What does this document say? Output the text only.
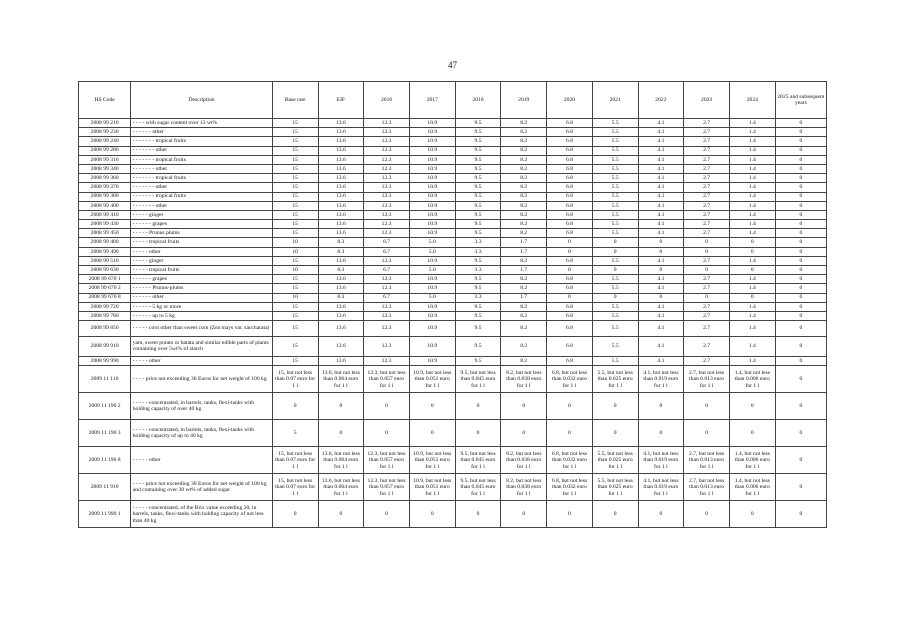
47
HS Code	Description	Base rate	EIF	2016	2017	2018	2019	2020	2021	2022	2023	2024	2025 and subsequent years
2008 99 210	- - - - with sugar content over 13 wt%	15	13.6	12.3	10.9	9.5	8.2	6.8	5.5	4.1	2.7	1.4	0
2008 99 230	- - - - - - other	15	13.6	12.3	10.9	9.5	8.2	6.8	5.5	4.1	2.7	1.4	0
2008 99 240	- - - - - - - tropical fruits	15	13.6	12.3	10.9	9.5	8.2	6.8	5.5	4.1	2.7	1.4	0
2008 99 280	- - - - - - - other	15	13.6	12.3	10.9	9.5	8.2	6.8	5.5	4.1	2.7	1.4	0
2008 99 310	- - - - - - - tropical fruits	15	13.6	12.3	10.9	9.5	8.2	6.8	5.5	4.1	2.7	1.4	0
2008 99 340	- - - - - - - other	15	13.6	12.3	10.9	9.5	8.2	6.8	5.5	4.1	2.7	1.4	0
2008 99 360	- - - - - - - tropical fruits	15	13.6	12.3	10.9	9.5	8.2	6.8	5.5	4.1	2.7	1.4	0
2008 99 370	- - - - - - - other	15	13.6	12.3	10.9	9.5	8.2	6.8	5.5	4.1	2.7	1.4	0
2008 99 380	- - - - - - - tropical fruits	15	13.6	12.3	10.9	9.5	8.2	6.8	5.5	4.1	2.7	1.4	0
2008 99 400	- - - - - - - other	15	13.6	12.3	10.9	9.5	8.2	6.8	5.5	4.1	2.7	1.4	0
2008 99 410	- - - - - ginger	15	13.6	12.3	10.9	9.5	8.2	6.8	5.5	4.1	2.7	1.4	0
2008 99 430	- - - - - - grapes	15	13.6	12.3	10.9	9.5	8.2	6.8	5.5	4.1	2.7	1.4	0
2008 99 450	- - - - - Prunus plums	15	13.6	12.3	10.9	9.5	8.2	6.8	5.5	4.1	2.7	1.4	0
2008 99 480	- - - - - tropical fruits	10	8.3	6.7	5.0	3.3	1.7	0	0	0	0	0	0
2008 99 490	- - - - - other	10	8.3	6.7	5.0	3.3	1.7	0	0	0	0	0	0
2008 99 510	- - - - - ginger	15	13.6	12.3	10.9	9.5	8.2	6.8	5.5	4.1	2.7	1.4	0
2008 99 630	- - - - - tropical fruits	10	8.3	6.7	5.0	3.3	1.7	0	0	0	0	0	0
2008 99 670 1	- - - - - - grapes	15	13.6	12.3	10.9	9.5	8.2	6.8	5.5	4.1	2.7	1.4	0
2008 99 670 2	- - - - - - Prunus-plums	15	13.6	12.3	10.9	9.5	8.2	6.8	5.5	4.1	2.7	1.4	0
2008 99 670 8	- - - - - - other	10	8.3	6.7	5.0	3.3	1.7	0	0	0	0	0	0
2008 99 720	- - - - - - 5 kg or more	15	13.6	12.3	10.9	9.5	8.2	6.8	5.5	4.1	2.7	1.4	0
2008 99 780	- - - - - - up to 5 kg	15	13.6	12.3	10.9	9.5	8.2	6.8	5.5	4.1	2.7	1.4	0
2008 99 850	- - - - - corn other than sweet corn (Zea mays var. saccharata)	15	13.6	12.3	10.9	9.5	8.2	6.8	5.5	4.1	2.7	1.4	0
2008 99 910	yam, sweet potato or batata and similar edible parts of plants containing over 5wt% of starch	15	13.6	12.3	10.9	9.5	8.2	6.8	5.5	4.1	2.7	1.4	0
2008 99 990	- - - - - other	15	13.6	12.3	10.9	9.5	8.2	6.8	5.5	4.1	2.7	1.4	0
2009 11 110	- - - - price not exceeding 30 Euros for net weight of 100 kg	15, but not less than 0.07 euro for 1 l	13.6, but not less than 0.064 euro for 1 l	12.3, but not less than 0.057 euro for 1 l	10.9, but not less than 0.051 euro for 1 l	9.5, but not less than 0.045 euro for 1 l	8.2, but not less than 0.038 euro for 1 l	6.8, but not less than 0.032 euro for 1 l	5.5, but not less than 0.025 euro for 1 l	4.1, but not less than 0.019 euro for 1 l	2.7, but not less than 0.013 euro for 1 l	1.4, but not less than 0.006 euro for 1 l	0
2009 11 190 2	- - - - - concentrated, in barrels, tanks, flexi-tanks with holding capacity of over 40 kg	0	0	0	0	0	0	0	0	0	0	0	0
2009 11 190 3	- - - - - concentrated, in barrels, tanks, flexi-tanks with holding capacity of up to 40 kg	5	0	0	0	0	0	0	0	0	0	0	0
2009 11 190 8	- - - - - other	15, but not less than 0.07 euro for 1 l	13.6, but not less than 0.064 euro for 1 l	12.3, but not less than 0.057 euro for 1 l	10.9, but not less than 0.051 euro for 1 l	9.5, but not less than 0.045 euro for 1 l	8.2, but not less than 0.038 euro for 1 l	6.8, but not less than 0.032 euro for 1 l	5.5, but not less than 0.025 euro for 1 l	4.1, but not less than 0.019 euro for 1 l	2.7, but not less than 0.013 euro for 1 l	1.4, but not less than 0.006 euro for 1 l	0
2009 11 910	- - - - price not exceeding 30 Euros for net weight of 100 kg and containing over 30 wt% of added sugar	15, but not less than 0.07 euro for 1 l	13.6, but not less than 0.064 euro for 1 l	12.3, but not less than 0.057 euro for 1 l	10.9, but not less than 0.051 euro for 1 l	9.5, but not less than 0.045 euro for 1 l	8.2, but not less than 0.038 euro for 1 l	6.8, but not less than 0.032 euro for 1 l	5.5, but not less than 0.025 euro for 1 l	4.1, but not less than 0.019 euro for 1 l	2.7, but not less than 0.013 euro for 1 l	1.4, but not less than 0.006 euro for 1 l	0
2009 11 990 1	- - - - - concentrated, of the Brix value exceeding 20, in barrels, tanks, flexi-tanks with holding capacity of not less than 40 kg	0	0	0	0	0	0	0	0	0	0	0	0
